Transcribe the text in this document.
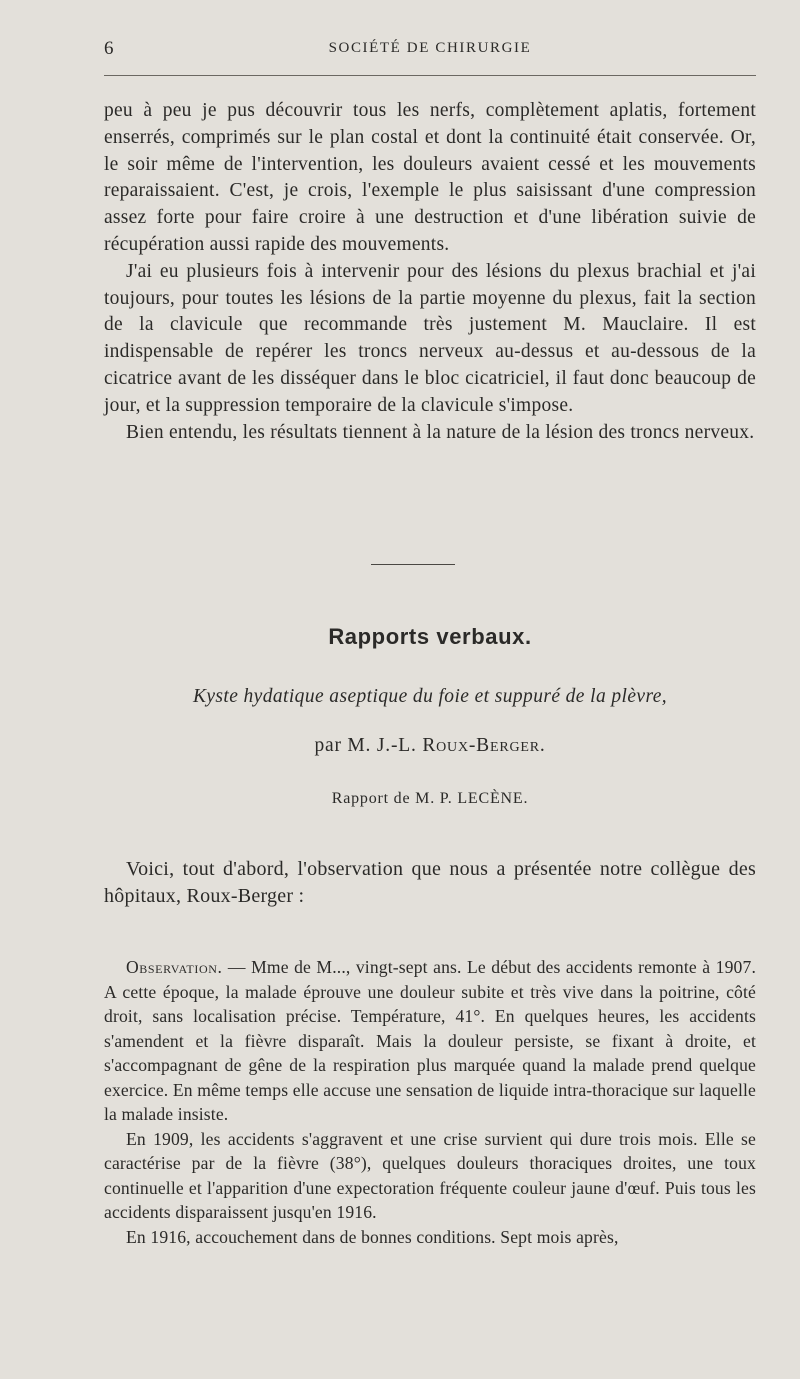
6	SOCIÉTÉ DE CHIRURGIE

peu à peu je pus découvrir tous les nerfs, complètement aplatis, fortement enserrés, comprimés sur le plan costal et dont la continuité était conservée. Or, le soir même de l'intervention, les douleurs avaient cessé et les mouvements reparaissaient. C'est, je crois, l'exemple le plus saisissant d'une compression assez forte pour faire croire à une destruction et d'une libération suivie de récupération aussi rapide des mouvements.

J'ai eu plusieurs fois à intervenir pour des lésions du plexus brachial et j'ai toujours, pour toutes les lésions de la partie moyenne du plexus, fait la section de la clavicule que recommande très justement M. Mauclaire. Il est indispensable de repérer les troncs nerveux au-dessus et au-dessous de la cicatrice avant de les disséquer dans le bloc cicatriciel, il faut donc beaucoup de jour, et la suppression temporaire de la clavicule s'impose.

Bien entendu, les résultats tiennent à la nature de la lésion des troncs nerveux.

Rapports verbaux.
Kyste hydatique aseptique du foie et suppuré de la plèvre,
par M. J.-L. Roux-Berger.
Rapport de M. P. LECÈNE.

Voici, tout d'abord, l'observation que nous a présentée notre collègue des hôpitaux, Roux-Berger :

Observation. — Mme de M..., vingt-sept ans. Le début des accidents remonte à 1907. A cette époque, la malade éprouve une douleur subite et très vive dans la poitrine, côté droit, sans localisation précise. Température, 41°. En quelques heures, les accidents s'amendent et la fièvre disparaît. Mais la douleur persiste, se fixant à droite, et s'accompagnant de gêne de la respiration plus marquée quand la malade prend quelque exercice. En même temps elle accuse une sensation de liquide intra-thoracique sur laquelle la malade insiste.

En 1909, les accidents s'aggravent et une crise survient qui dure trois mois. Elle se caractérise par de la fièvre (38°), quelques douleurs thoraciques droites, une toux continuelle et l'apparition d'une expectoration fréquente couleur jaune d'œuf. Puis tous les accidents disparaissent jusqu'en 1916.

En 1916, accouchement dans de bonnes conditions. Sept mois après,
